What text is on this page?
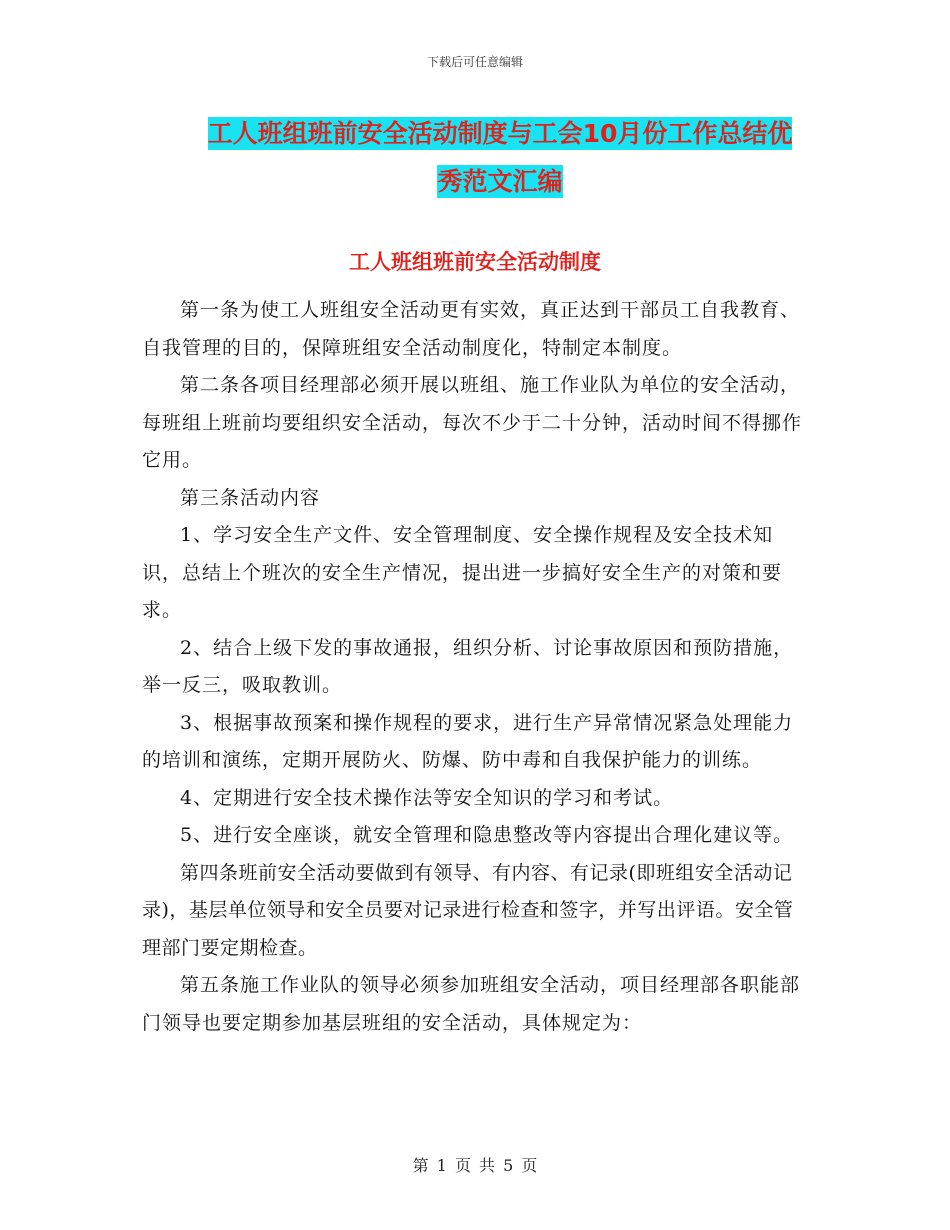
下载后可任意编辑
工人班组班前安全活动制度与工会10月份工作总结优
秀范文汇编
工人班组班前安全活动制度

第一条为使工人班组安全活动更有实效，真正达到干部员工自我教育、自我管理的目的，保障班组安全活动制度化，特制定本制度。

第二条各项目经理部必须开展以班组、施工作业队为单位的安全活动，每班组上班前均要组织安全活动，每次不少于二十分钟，活动时间不得挪作它用。

第三条活动内容

1、学习安全生产文件、安全管理制度、安全操作规程及安全技术知识，总结上个班次的安全生产情况，提出进一步搞好安全生产的对策和要求。

2、结合上级下发的事故通报，组织分析、讨论事故原因和预防措施，举一反三，吸取教训。

3、根据事故预案和操作规程的要求，进行生产异常情况紧急处理能力的培训和演练，定期开展防火、防爆、防中毒和自我保护能力的训练。

4、定期进行安全技术操作法等安全知识的学习和考试。

5、进行安全座谈，就安全管理和隐患整改等内容提出合理化建议等。

第四条班前安全活动要做到有领导、有内容、有记录(即班组安全活动记录)，基层单位领导和安全员要对记录进行检查和签字，并写出评语。安全管理部门要定期检查。

第五条施工作业队的领导必须参加班组安全活动，项目经理部各职能部门领导也要定期参加基层班组的安全活动，具体规定为：

第 1 页 共 5 页
